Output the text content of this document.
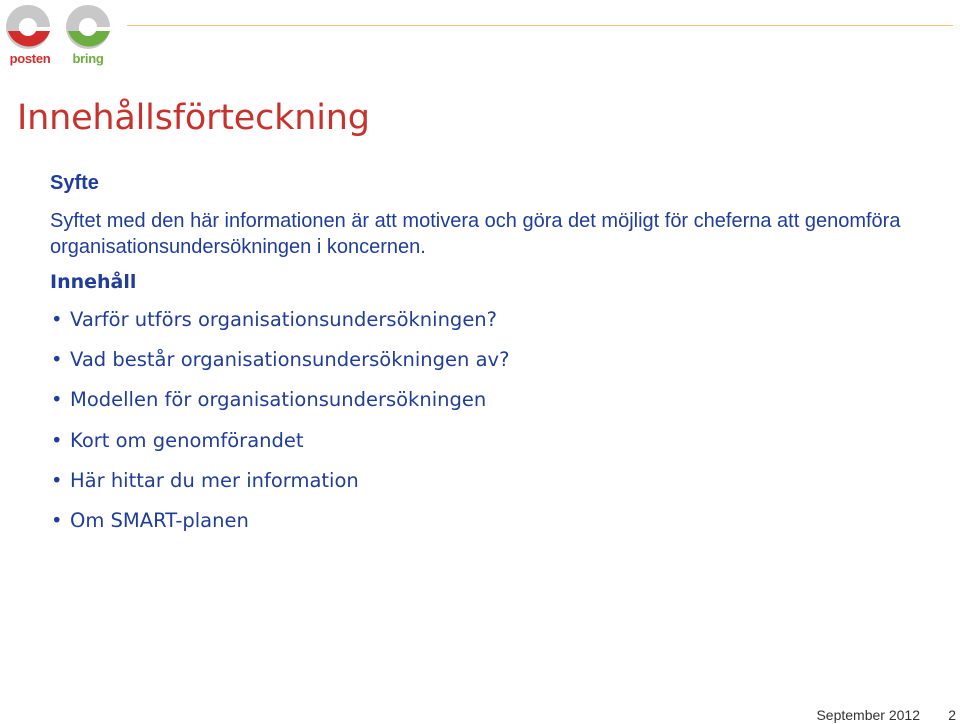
posten	bring
Innehållsförteckning
Syfte

Syftet med den här informationen är att motivera och göra det möjligt för cheferna att genomföra organisationsundersökningen i koncernen.

Innehåll
• Varför utförs organisationsundersökningen?
• Vad består organisationsundersökningen av?
• Modellen för organisationsundersökningen
• Kort om genomförandet
• Här hittar du mer information
• Om SMART-planen
September 2012 2
